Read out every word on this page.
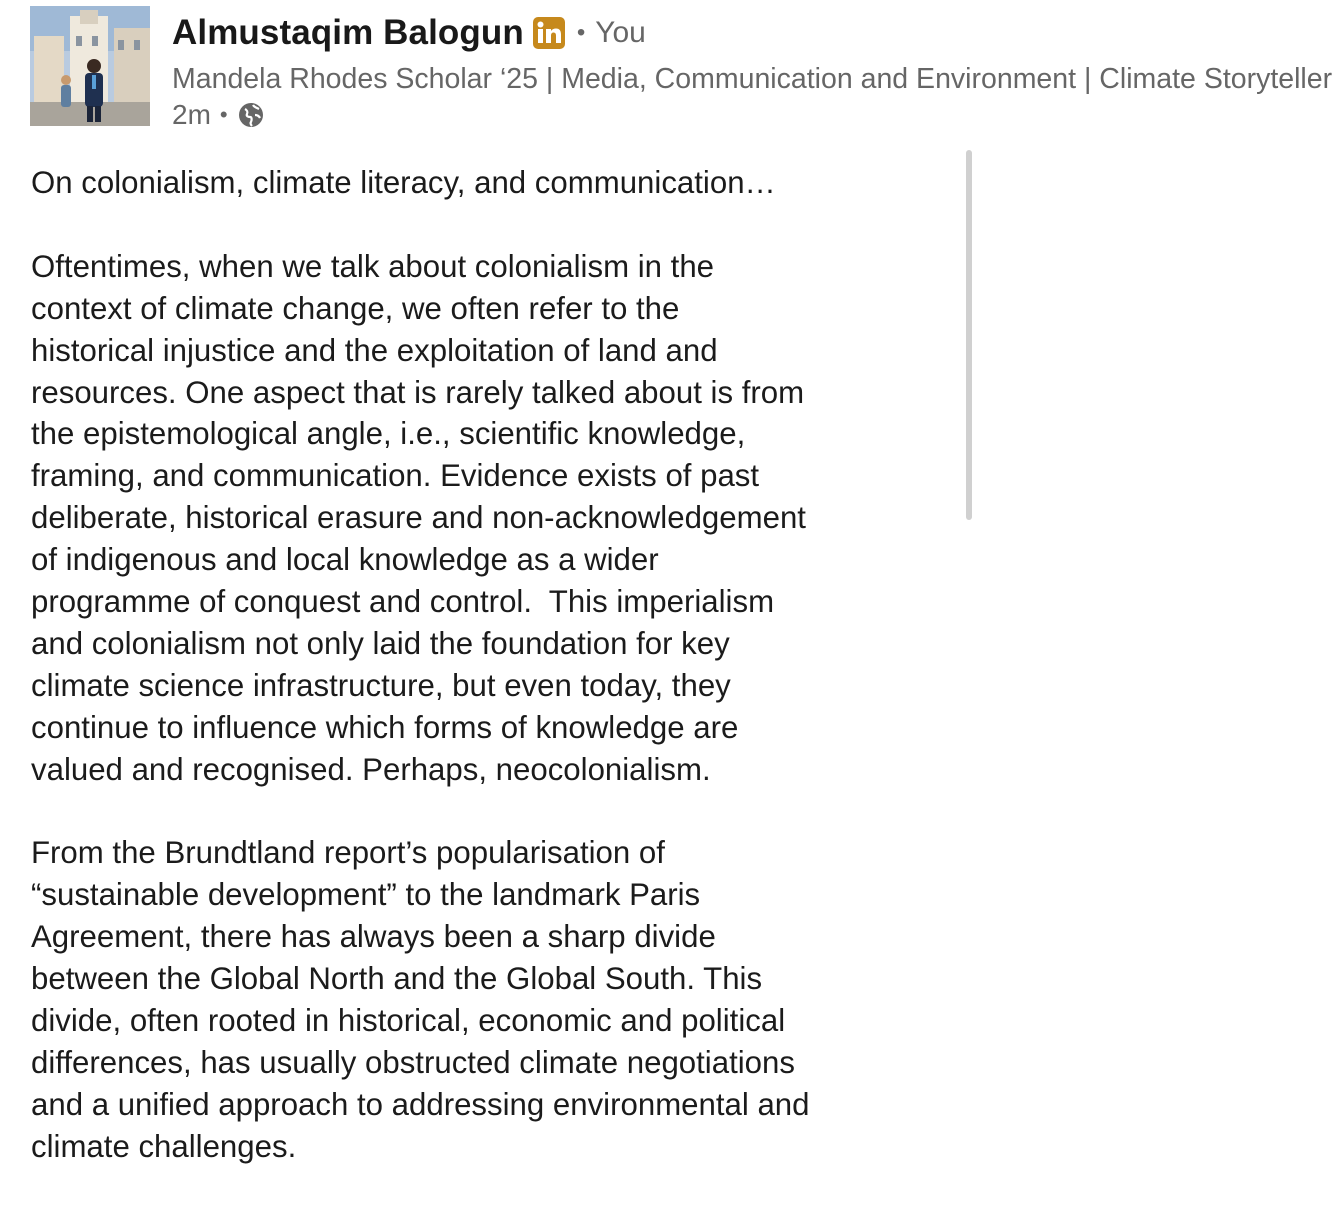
Almustaqim Balogun • You
Mandela Rhodes Scholar ‘25 | Media, Communication and Environment | Climate Storyteller
2m •

On colonialism, climate literacy, and communication…

Oftentimes, when we talk about colonialism in the
context of climate change, we often refer to the
historical injustice and the exploitation of land and
resources. One aspect that is rarely talked about is from
the epistemological angle, i.e., scientific knowledge,
framing, and communication. Evidence exists of past
deliberate, historical erasure and non-acknowledgement
of indigenous and local knowledge as a wider
programme of conquest and control.  This imperialism
and colonialism not only laid the foundation for key
climate science infrastructure, but even today, they
continue to influence which forms of knowledge are
valued and recognised. Perhaps, neocolonialism.

From the Brundtland report’s popularisation of
“sustainable development” to the landmark Paris
Agreement, there has always been a sharp divide
between the Global North and the Global South. This
divide, often rooted in historical, economic and political
differences, has usually obstructed climate negotiations
and a unified approach to addressing environmental and
climate challenges.
